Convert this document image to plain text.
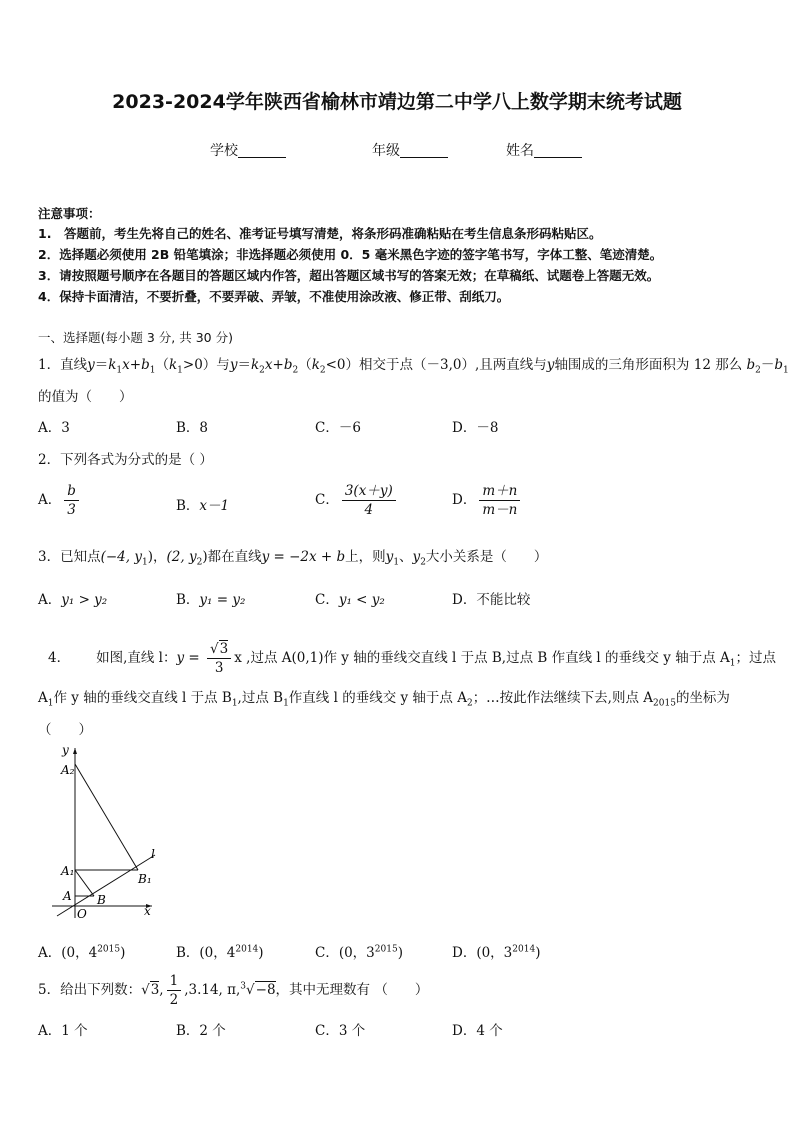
2023-2024学年陕西省榆林市靖边第二中学八上数学期末统考试题
学校	年级	姓名
注意事项：
1.　答题前，考生先将自己的姓名、准考证号填写清楚，将条形码准确粘贴在考生信息条形码粘贴区。
2．选择题必须使用 2B 铅笔填涂；非选择题必须使用 0．5 毫米黑色字迹的签字笔书写，字体工整、笔迹清楚。
3．请按照题号顺序在各题目的答题区域内作答，超出答题区域书写的答案无效；在草稿纸、试题卷上答题无效。
4．保持卡面清洁，不要折叠，不要弄破、弄皱，不准使用涂改液、修正带、刮纸刀。
一、选择题(每小题 3 分, 共 30 分)
1．直线$y=k_1x+b_1(k_1>0)$与$y=k_2x+b_2(k_2<0)$相交于点（－3,0）,且两直线与y轴围成的三角形面积为 12 那么 $b_2-b_1$
的值为（　　）
A．3	B．8	C．－6	D．－8
2．下列各式为分式的是（ ）
A． $\frac{b}{3}$	B．x－1	C． $\frac{3(x+y)}{4}$	D． $\frac{m+n}{m-n}$
3．已知点(−4, $y_1$)，(2, $y_2$)都在直线y = −2x + b上，则$y_1$、$y_2$大小关系是（　　）
A．y₁ > y₂	B．y₁ = y₂	C．y₁ < y₂	D．不能比较
4． 如图,直线 l：$y = \frac{√3}{3}$ x ,过点 A(0,1)作 y 轴的垂线交直线 l 于点 B,过点 B 作直线 l 的垂线交 y 轴于点 $A_1$；过点
$A_1$作 y 轴的垂线交直线 l 于点 $B_1$,过点 $B_1$作直线 l 的垂线交 y 轴于点 $A_2$；…按此作法继续下去,则点 $A_{2015}$的坐标为
（　　）
y
A₂
l
A₁
B₁
A B
O	x
A．(0，$4^{2015}$)	B．(0，$4^{2014}$)	C．(0，$3^{2015}$)	D．(0，$3^{2014}$)
5．给出下列数：√3, $\frac{1}{2} ,3.14$, π,$^3$√−8，其中无理数有 （　　）
A．1 个	B．2 个	C．3 个	D．4 个
